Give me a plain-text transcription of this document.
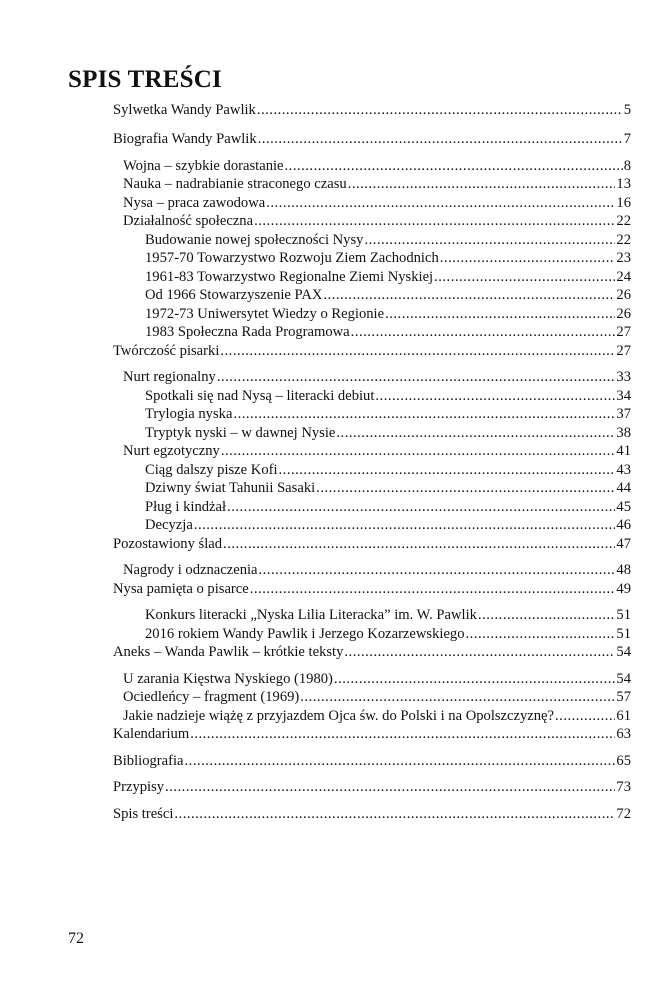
SPIS TREŚCI
Sylwetka Wandy Pawlik .....	5
Biografia Wandy Pawlik .....	7
Wojna – szybkie dorastanie .....	8
Nauka – nadrabianie straconego czasu .....	13
Nysa – praca zawodowa .....	16
Działalność społeczna .....	22
Budowanie nowej społeczności Nysy .....	22
1957-70 Towarzystwo Rozwoju Ziem Zachodnich .....	23
1961-83 Towarzystwo Regionalne Ziemi Nyskiej .....	24
Od 1966 Stowarzyszenie PAX .....	26
1972-73 Uniwersytet Wiedzy o Regionie .....	26
1983 Społeczna Rada Programowa .....	27
Twórczość pisarki .....	27
Nurt regionalny .....	33
Spotkali się nad Nysą – literacki debiut .....	34
Trylogia nyska .....	37
Tryptyk nyski – w dawnej Nysie .....	38
Nurt egzotyczny .....	41
Ciąg dalszy pisze Kofi .....	43
Dziwny świat Tahunii Sasaki .....	44
Pług i kindżał .....	45
Decyzja .....	46
Pozostawiony ślad .....	47
Nagrody i odznaczenia .....	48
Nysa pamięta o pisarce .....	49
Konkurs literacki „Nyska Lilia Literacka” im. W. Pawlik .....	51
2016 rokiem Wandy Pawlik i Jerzego Kozarzewskiego .....	51
Aneks – Wanda Pawlik – krótkie teksty .....	54
U zarania Kięstwa Nyskiego (1980) .....	54
Ociedleńcy – fragment (1969) .....	57
Jakie nadzieje wiążę z przyjazdem Ojca św. do Polski i na Opolszczyznę? .....	61
Kalendarium .....	63
Bibliografia .....	65
Przypisy .....	73
Spis treści .....	72
72
